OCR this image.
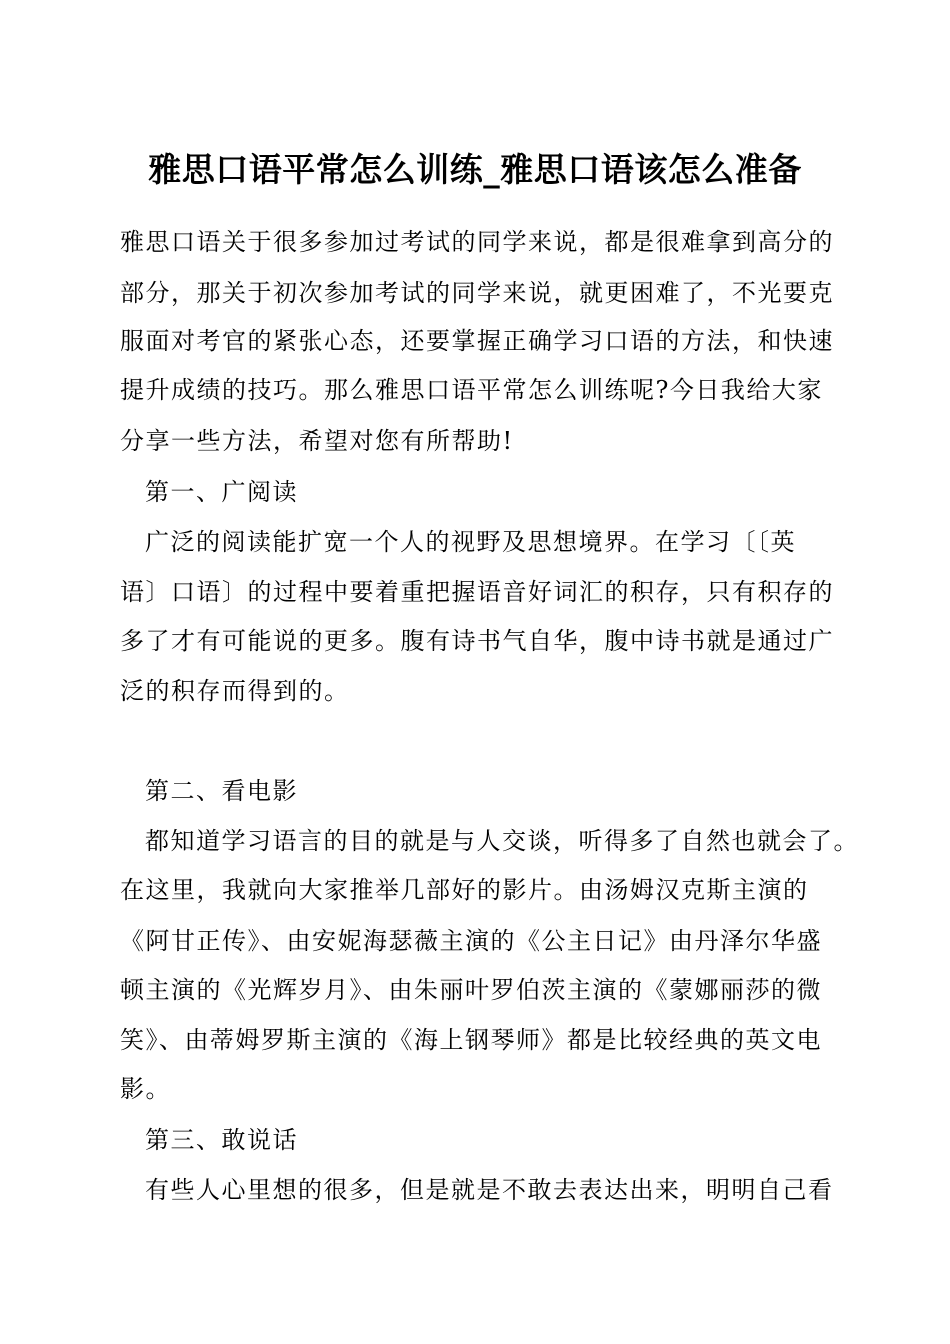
雅思口语平常怎么训练_雅思口语该怎么准备
雅思口语关于很多参加过考试的同学来说，都是很难拿到高分的
部分，那关于初次参加考试的同学来说，就更困难了，不光要克
服面对考官的紧张心态，还要掌握正确学习口语的方法，和快速
提升成绩的技巧。那么雅思口语平常怎么训练呢?今日我给大家
分享一些方法，希望对您有所帮助!
第一、广阅读
广泛的阅读能扩宽一个人的视野及思想境界。在学习〔〔英
语〕口语〕的过程中要着重把握语音好词汇的积存，只有积存的
多了才有可能说的更多。腹有诗书气自华，腹中诗书就是通过广
泛的积存而得到的。
第二、看电影
都知道学习语言的目的就是与人交谈，听得多了自然也就会了。
在这里，我就向大家推举几部好的影片。由汤姆汉克斯主演的
《阿甘正传》、由安妮海瑟薇主演的《公主日记》由丹泽尔华盛
顿主演的《光辉岁月》、由朱丽叶罗伯茨主演的《蒙娜丽莎的微
笑》、由蒂姆罗斯主演的《海上钢琴师》都是比较经典的英文电
影。
第三、敢说话
有些人心里想的很多，但是就是不敢去表达出来，明明自己看
